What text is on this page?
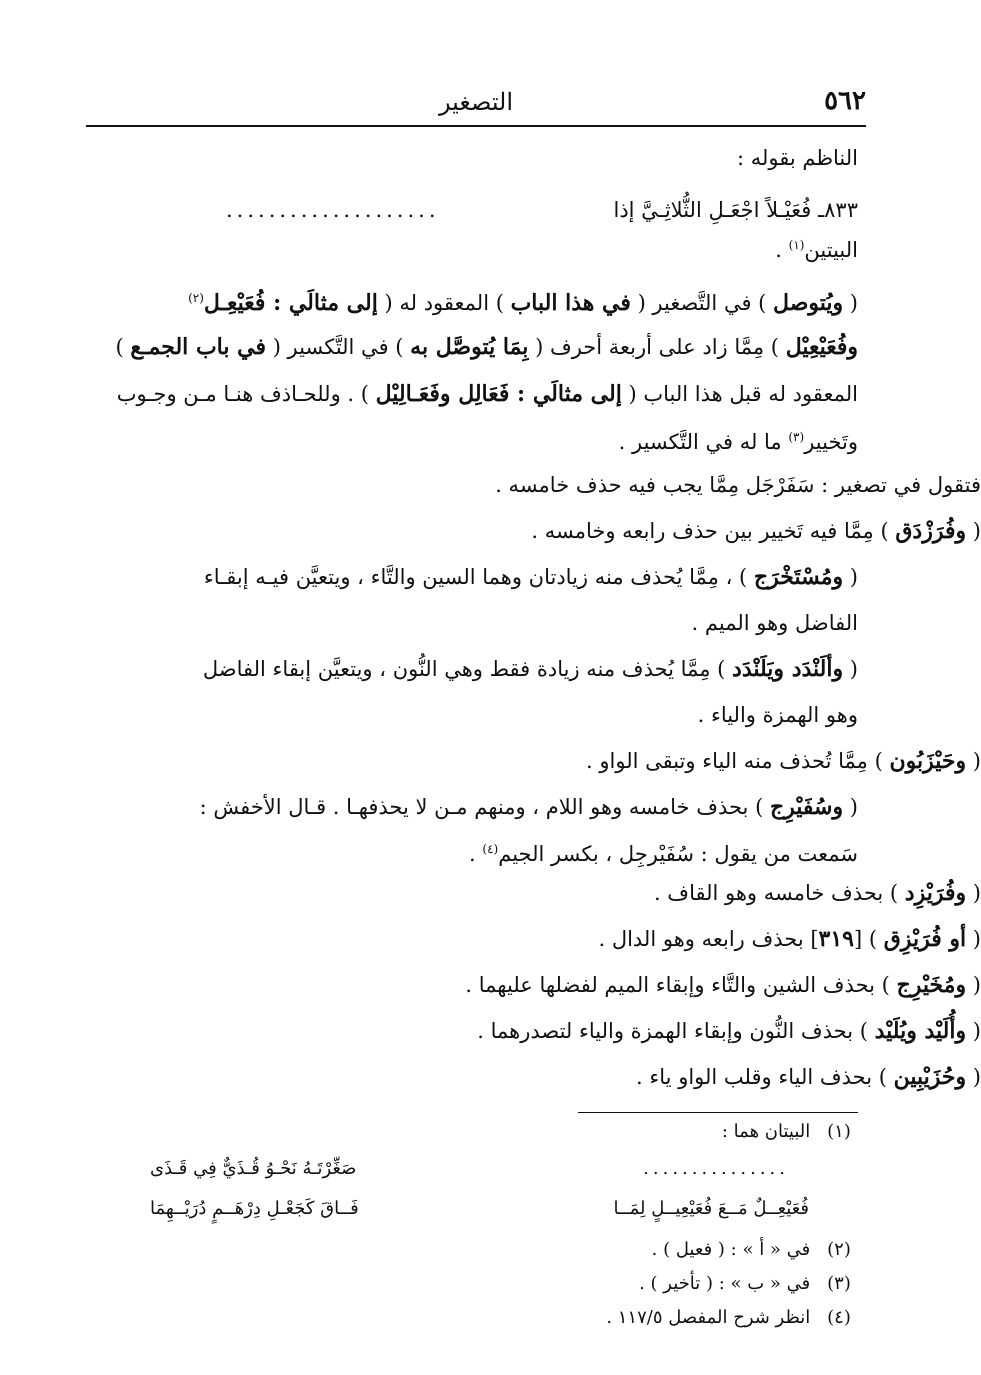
٥٦٢
التصغير
الناظم بقوله :
٨٣٣ـ فُعَيْـلاً اجْعَـلِ الثُّلاثِـيَّ إذا
....................
البيتين$^{(١)}$ .
( ويُتوصل ) في التَّصغير ( في هذا الباب ) المعقود له ( إلى مثالَي : فُعَيْعِـل$^{(٢)}$
وفُعَيْعِيْل ) مِمَّا زاد على أربعة أحرف ( بِمَا يُتوصَّل به ) في التَّكسير ( في باب الجمـع )
المعقود له قبل هذا الباب ( إلى مثالَي : فَعَالِل وفَعَـالِيْل ) . وللحـاذف هنـا مـن وجـوب
وتَخيير$^{(٣)}$ ما له في التَّكسير .
فتقول في تصغير : سَفَرْجَل مِمَّا يجب فيه حذف خامسه .
( وفُرَزْدَق ) مِمَّا فيه تَخيير بين حذف رابعه وخامسه .
( ومُسْتَخْرَج ) ، مِمَّا يُحذف منه زيادتان وهما السين والتَّاء ، ويتعيَّن فيـه إبقـاء
الفاضل وهو الميم .
( وألَنْدَد ويَلَنْدَد ) مِمَّا يُحذف منه زيادة فقط وهي النُّون ، ويتعيَّن إبقاء الفاضل
وهو الهمزة والياء .
( وحَيْزَبُون ) مِمَّا تُحذف منه الياء وتبقى الواو .
( وسُفَيْرِج ) بحذف خامسه وهو اللام ، ومنهم مـن لا يحذفهـا . قـال الأخفش :
سَمعت من يقول : سُفَيْرجِل ، بكسر الجيم$^{(٤)}$ .
( وفُرَيْزِد ) بحذف خامسه وهو القاف .
( أو فُرَيْزِق ) [٣١٩] بحذف رابعه وهو الدال .
( ومُخَيْرِج ) بحذف الشين والتَّاء وإبقاء الميم لفضلها عليهما .
( وأُلَيْد ويُلَيْد ) بحذف النُّون وإبقاء الهمزة والياء لتصدرهما .
( وحُزَيْبِين ) بحذف الياء وقلب الواو ياء .
(١) البيتان هما :
...............
صَغِّرْتَـهُ نَحْـوُ قُـذَيٌّ فِي قَـذَى
فُعَيْعِــلٌ مَــعَ فُعَيْعِيــلٍ لِمَــا
فَــاقَ كَجَعْـلِ دِرْهَــمٍ دُرَيْــهِمَا
(٢) في « أ » : ( فعيل ) .
(٣) في « ب » : ( تأخير ) .
(٤) انظر شرح المفصل ١١٧/٥ .
